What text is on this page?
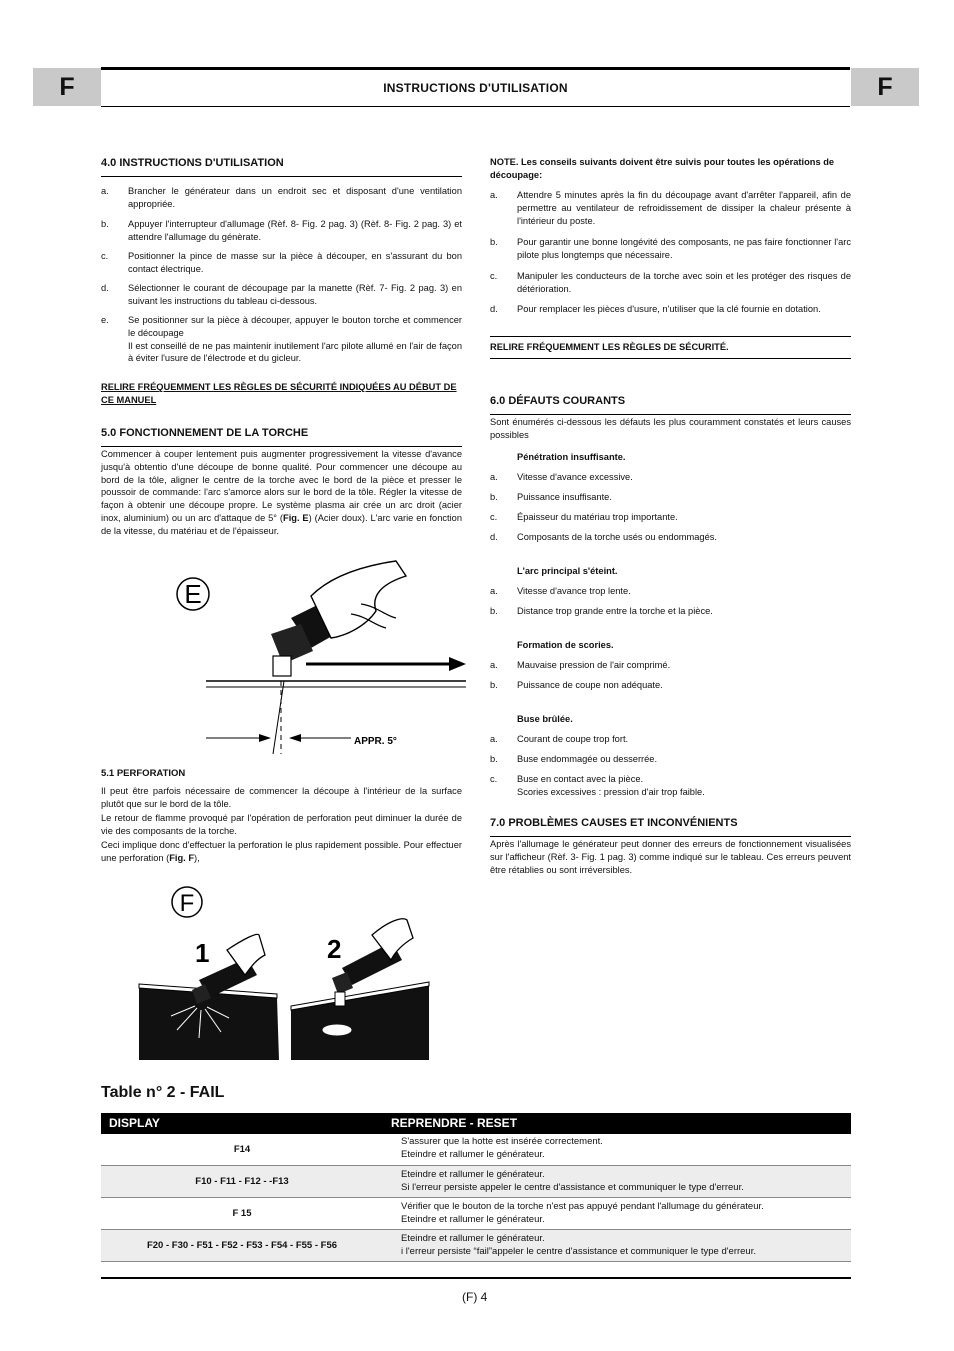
F	INSTRUCTIONS D'UTILISATION	F
4.0 INSTRUCTIONS D'UTILISATION
a.	Brancher le générateur dans un endroit sec et disposant d'une ventilation appropriée.
b.	Appuyer l'interrupteur d'allumage (Rèf. 8- Fig. 2 pag. 3) (Rèf. 8- Fig. 2 pag. 3) et attendre l'allumage du génèrate.
c.	Positionner la pince de masse sur la pièce à découper, en s'assurant du bon contact électrique.
d.	Sélectionner le courant de découpage par la manette (Rèf. 7- Fig. 2 pag. 3) en suivant les instructions du tableau ci-dessous.
e.	Se positionner sur la pièce à découper, appuyer le bouton torche et commencer le découpage
Il est conseillé de ne pas maintenir inutilement l'arc pilote allumé en l'air de façon à éviter l'usure de l'électrode et du gicleur.
RELIRE FRÉQUEMMENT LES RÈGLES DE SÉCURITÉ INDIQUÉES AU DÉBUT DE CE MANUEL
5.0 FONCTIONNEMENT DE LA TORCHE
Commencer à couper lentement puis augmenter progressivement la vitesse d'avance jusqu'à obtentio d'une découpe de bonne qualité. Pour commencer une découpe au bord de la tôle, aligner le centre de la torche avec le bord de la pièce et presser le poussoir de commande: l'arc s'amorce alors sur le bord de la tôle. Régler la vitesse de façon à obtenir une découpe propre. Le système plasma air crée un arc droit (acier inox, aluminium) ou un arc d'attaque de 5° (Fig. E) (Acier doux). L'arc varie en fonction de la vitesse, du matériau et de l'épaisseur.
E
APPR. 5°
5.1 PERFORATION
Il peut être parfois nécessaire de commencer la découpe à l'intérieur de la surface plutôt que sur le bord de la tôle.
Le retour de flamme provoqué par l'opération de perforation peut diminuer la durée de vie des composants de la torche.
Ceci implique donc d'effectuer la perforation le plus rapidement possible. Pour effectuer une perforation (Fig. F),
F
1	2
NOTE. Les conseils suivants doivent être suivis pour toutes les opérations de découpage:
a.	Attendre 5 minutes après la fin du découpage avant d'arrêter l'appareil, afin de permettre au ventilateur de refroidissement de dissiper la chaleur présente à l'intérieur du poste.
b.	Pour garantir une bonne longévité des composants, ne pas faire fonctionner l'arc pilote plus longtemps que nécessaire.
c.	Manipuler les conducteurs de la torche avec soin et les protéger des risques de détérioration.
d.	Pour remplacer les pièces d'usure, n'utiliser que la clé fournie en dotation.
RELIRE FRÉQUEMMENT LES RÈGLES DE SÉCURITÉ.
6.0 DÉFAUTS COURANTS
Sont énumérés ci-dessous les défauts les plus couramment constatés et leurs causes possibles
Pénétration insuffisante.
a.	Vitesse d'avance excessive.
b.	Puissance insuffisante.
c.	Épaisseur du matériau trop importante.
d.	Composants de la torche usés ou endommagés.
L'arc principal s'éteint.
a.	Vitesse d'avance trop lente.
b.	Distance trop grande entre la torche et la pièce.
Formation de scories.
a.	Mauvaise pression de l'air comprimé.
b.	Puissance de coupe non adéquate.
Buse brûlée.
a.	Courant de coupe trop fort.
b.	Buse endommagée ou desserrée.
c.	Buse en contact avec la pièce.
Scories excessives : pression d'air trop faible.
7.0 PROBLÈMES CAUSES ET INCONVÉNIENTS
Après l'allumage le générateur peut donner des erreurs de fonctionnement visualisées sur l'afficheur (Rèf. 3- Fig. 1 pag. 3) comme indiqué sur le tableau. Ces erreurs peuvent être rétablies ou sont irréversibles.
Table n° 2 - FAIL
DISPLAY	REPRENDRE - RESET
F14	S'assurer que la hotte est insérée correctement.
Eteindre et rallumer le générateur.
F10 - F11 - F12 - -F13	Eteindre et rallumer le générateur.
Si l'erreur persiste appeler le centre d'assistance et communiquer le type d'erreur.
F 15	Vérifier que le bouton de la torche n'est pas appuyé pendant l'allumage du générateur.
Eteindre et rallumer le générateur.
F20 - F30 - F51 - F52 - F53 - F54 - F55 - F56	Eteindre et rallumer le générateur.
i l'erreur persiste “fail”appeler le centre d'assistance et communiquer le type d'erreur.
(F) 4
